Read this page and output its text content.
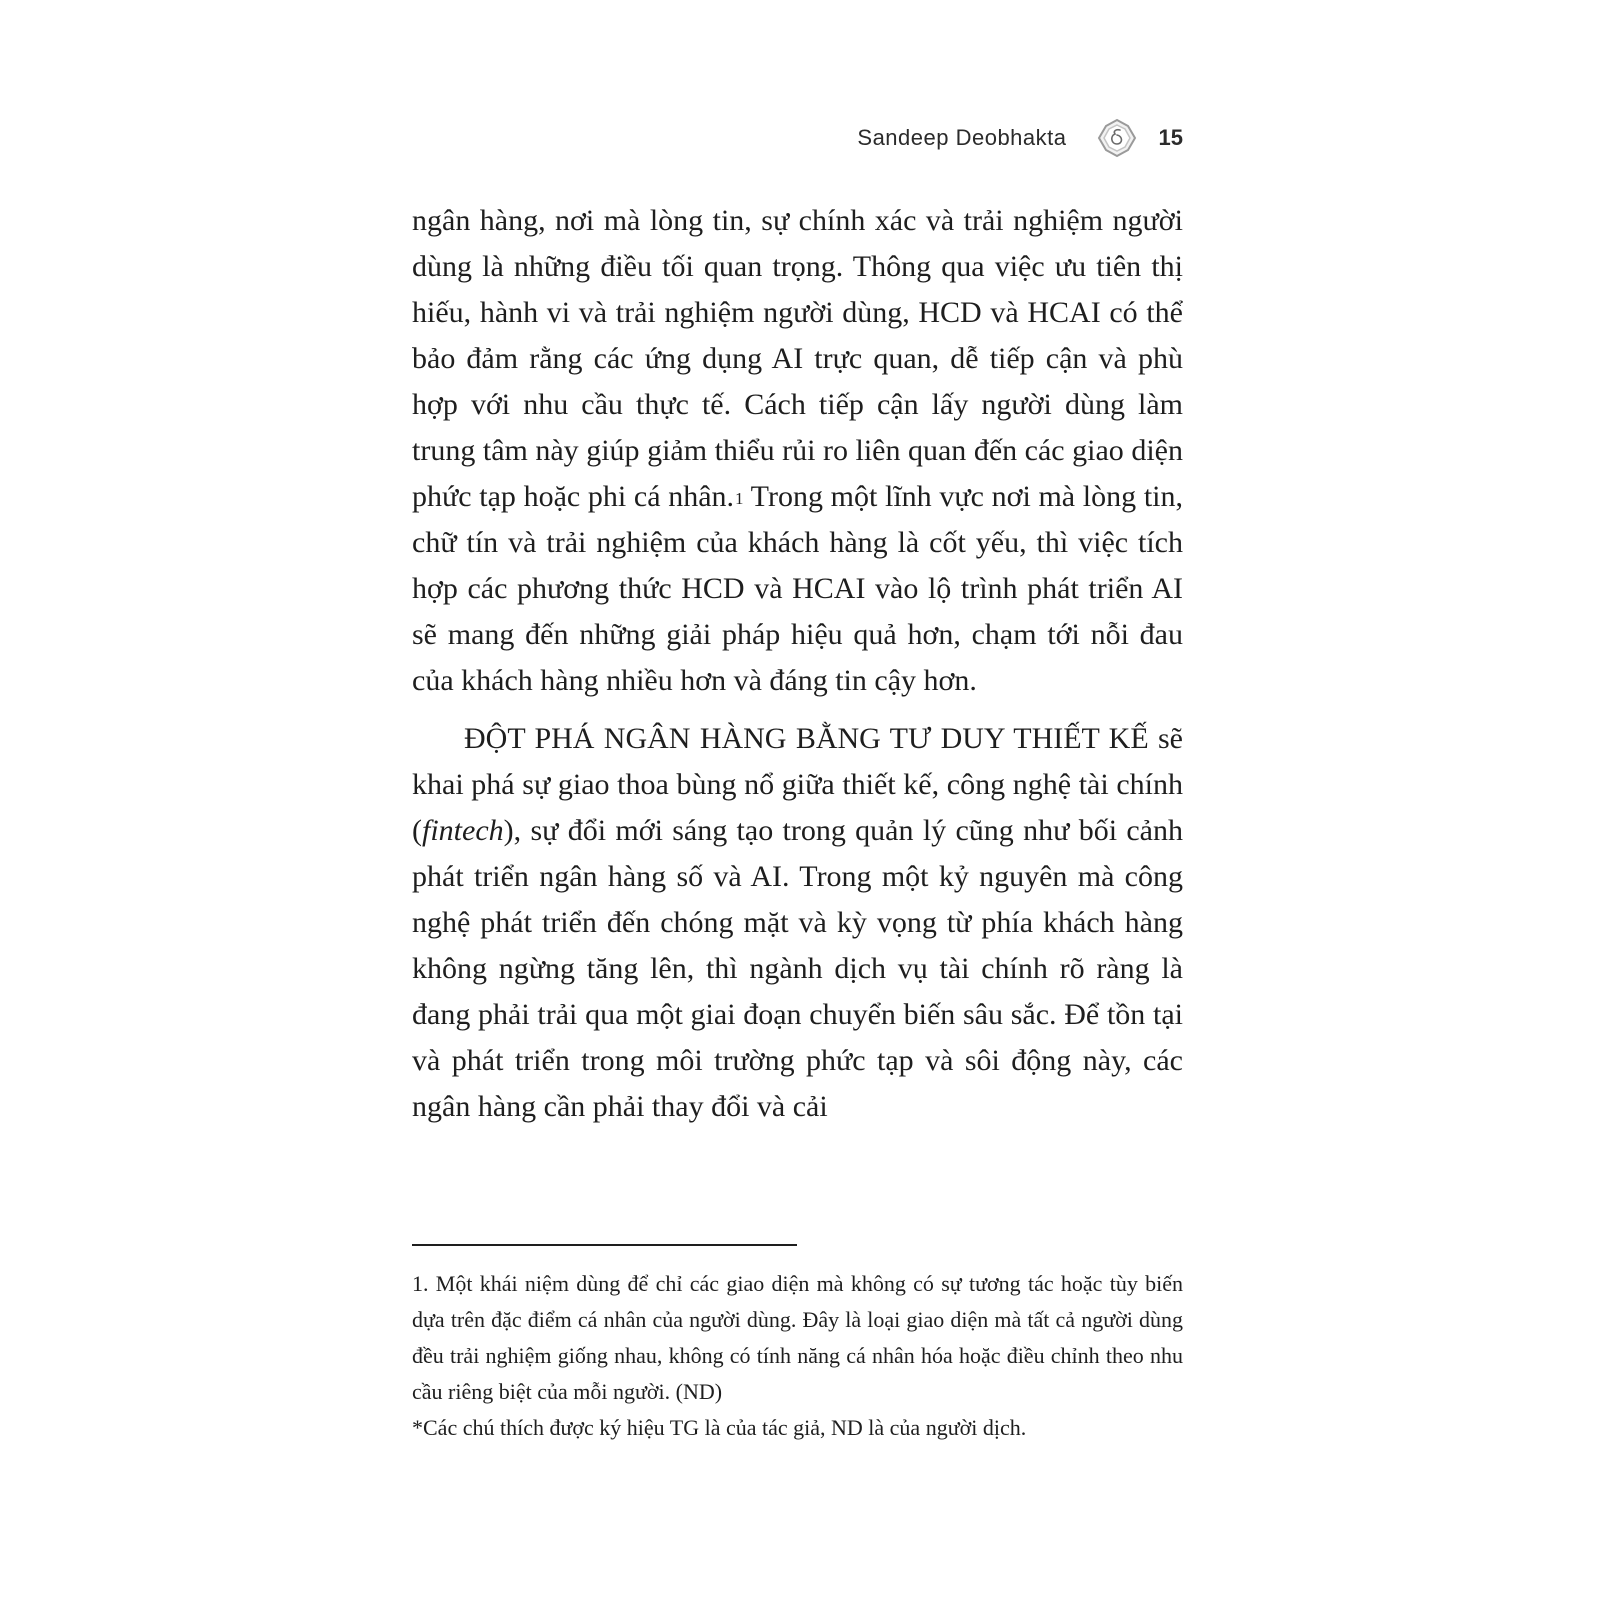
Sandeep Deobhakta	15

ngân hàng, nơi mà lòng tin, sự chính xác và trải nghiệm người dùng là những điều tối quan trọng. Thông qua việc ưu tiên thị hiếu, hành vi và trải nghiệm người dùng, HCD và HCAI có thể bảo đảm rằng các ứng dụng AI trực quan, dễ tiếp cận và phù hợp với nhu cầu thực tế. Cách tiếp cận lấy người dùng làm trung tâm này giúp giảm thiểu rủi ro liên quan đến các giao diện phức tạp hoặc phi cá nhân.$^1$ Trong một lĩnh vực nơi mà lòng tin, chữ tín và trải nghiệm của khách hàng là cốt yếu, thì việc tích hợp các phương thức HCD và HCAI vào lộ trình phát triển AI sẽ mang đến những giải pháp hiệu quả hơn, chạm tới nỗi đau của khách hàng nhiều hơn và đáng tin cậy hơn.

ĐỘT PHÁ NGÂN HÀNG BẰNG TƯ DUY THIẾT KẾ sẽ khai phá sự giao thoa bùng nổ giữa thiết kế, công nghệ tài chính (fintech), sự đổi mới sáng tạo trong quản lý cũng như bối cảnh phát triển ngân hàng số và AI. Trong một kỷ nguyên mà công nghệ phát triển đến chóng mặt và kỳ vọng từ phía khách hàng không ngừng tăng lên, thì ngành dịch vụ tài chính rõ ràng là đang phải trải qua một giai đoạn chuyển biến sâu sắc. Để tồn tại và phát triển trong môi trường phức tạp và sôi động này, các ngân hàng cần phải thay đổi và cải

1. Một khái niệm dùng để chỉ các giao diện mà không có sự tương tác hoặc tùy biến dựa trên đặc điểm cá nhân của người dùng. Đây là loại giao diện mà tất cả người dùng đều trải nghiệm giống nhau, không có tính năng cá nhân hóa hoặc điều chỉnh theo nhu cầu riêng biệt của mỗi người. (ND)

*Các chú thích được ký hiệu TG là của tác giả, ND là của người dịch.
